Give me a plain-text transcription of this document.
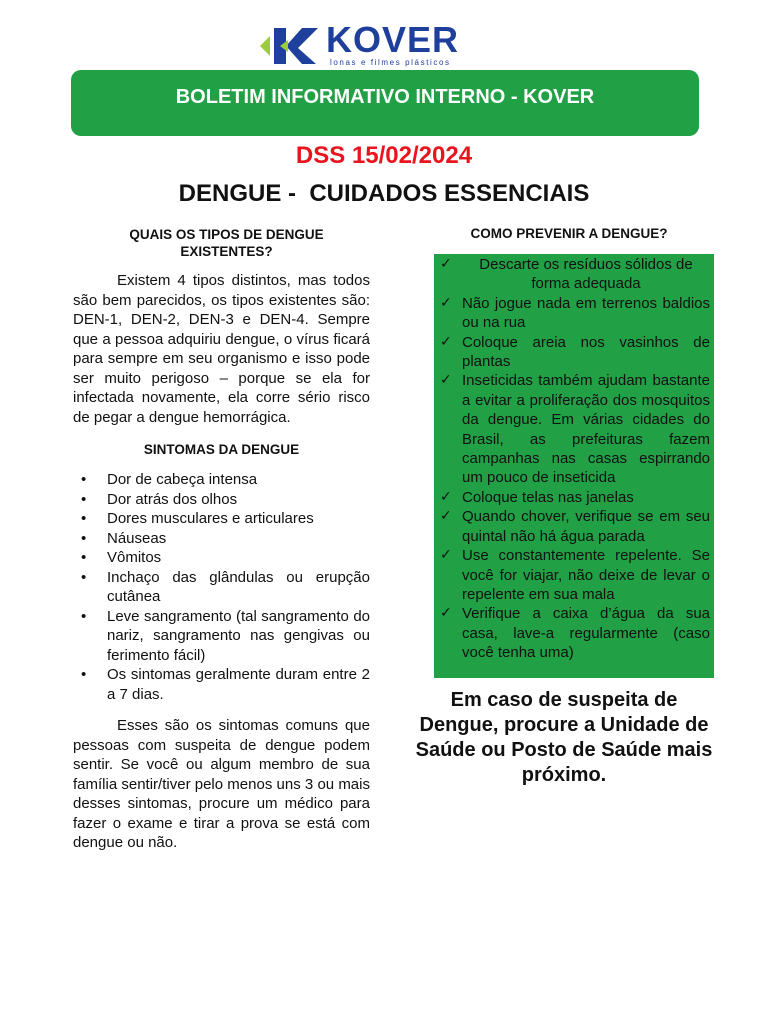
KOVER
lonas e filmes plásticos
BOLETIM INFORMATIVO INTERNO - KOVER
DSS 15/02/2024
DENGUE -  CUIDADOS ESSENCIAIS
QUAIS OS TIPOS DE DENGUE EXISTENTES?

Existem 4 tipos distintos, mas todos são bem parecidos, os tipos existentes são: DEN-1, DEN-2, DEN-3 e DEN-4. Sempre que a pessoa adquiriu dengue, o vírus ficará para sempre em seu organismo e isso pode ser muito perigoso – porque se ela for infectada novamente, ela corre sério risco de pegar a dengue hemorrágica.

SINTOMAS DA DENGUE
• Dor de cabeça intensa
• Dor atrás dos olhos
• Dores musculares e articulares
• Náuseas
• Vômitos
• Inchaço das glândulas ou erupção cutânea
• Leve sangramento (tal sangramento do nariz, sangramento nas gengivas ou ferimento fácil)
• Os sintomas geralmente duram entre 2 a 7 dias.

Esses são os sintomas comuns que pessoas com suspeita de dengue podem sentir. Se você ou algum membro de sua família sentir/tiver pelo menos uns 3 ou mais desses sintomas, procure um médico para fazer o exame e tirar a prova se está com dengue ou não.

COMO PREVENIR A DENGUE?
✓ Descarte os resíduos sólidos de forma adequada
✓ Não jogue nada em terrenos baldios ou na rua
✓ Coloque areia nos vasinhos de plantas
✓ Inseticidas também ajudam bastante a evitar a proliferação dos mosquitos da dengue. Em várias cidades do Brasil, as prefeituras fazem campanhas nas casas espirrando um pouco de inseticida
✓ Coloque telas nas janelas
✓ Quando chover, verifique se em seu quintal não há água parada
✓ Use constantemente repelente. Se você for viajar, não deixe de levar o repelente em sua mala
✓ Verifique a caixa d’água da sua casa, lave-a regularmente (caso você tenha uma)
Em caso de suspeita de Dengue, procure a Unidade de Saúde ou Posto de Saúde mais próximo.
